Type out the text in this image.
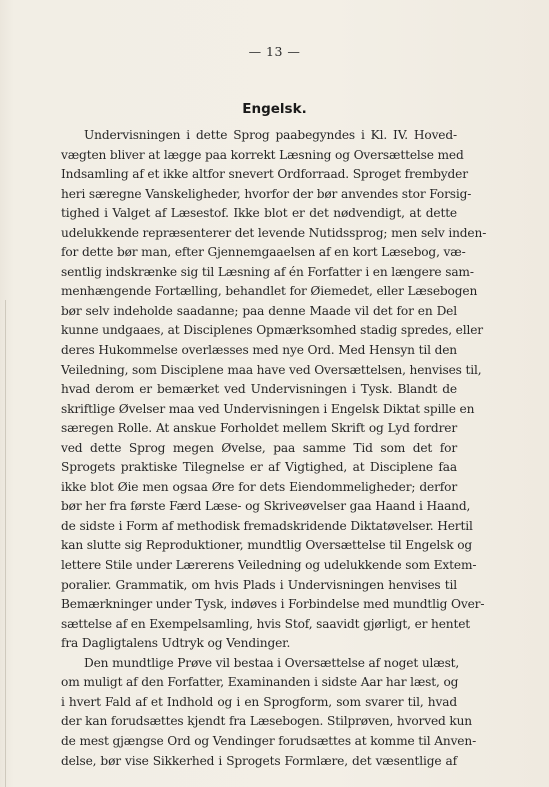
— 13 —
Engelsk.
Undervisningen i dette Sprog paabegyndes i Kl. IV. Hoved-
vægten bliver at lægge paa korrekt Læsning og Oversættelse med
Indsamling af et ikke altfor snevert Ordforraad. Sproget frembyder
heri særegne Vanskeligheder, hvorfor der bør anvendes stor Forsig-
tighed i Valget af Læsestof. Ikke blot er det nødvendigt, at dette
udelukkende repræsenterer det levende Nutidssprog; men selv inden-
for dette bør man, efter Gjennemgaaelsen af en kort Læsebog, væ-
sentlig indskrænke sig til Læsning af én Forfatter i en længere sam-
menhængende Fortælling, behandlet for Øiemedet, eller Læsebogen
bør selv indeholde saadanne; paa denne Maade vil det for en Del
kunne undgaaes, at Disciplenes Opmærksomhed stadig spredes, eller
deres Hukommelse overlæsses med nye Ord. Med Hensyn til den
Veiledning, som Disciplene maa have ved Oversættelsen, henvises til,
hvad derom er bemærket ved Undervisningen i Tysk. Blandt de
skriftlige Øvelser maa ved Undervisningen i Engelsk Diktat spille en
særegen Rolle. At anskue Forholdet mellem Skrift og Lyd fordrer
ved dette Sprog megen Øvelse, paa samme Tid som det for
Sprogets praktiske Tilegnelse er af Vigtighed, at Disciplene faa
ikke blot Øie men ogsaa Øre for dets Eiendommeligheder; derfor
bør her fra første Færd Læse- og Skriveøvelser gaa Haand i Haand,
de sidste i Form af methodisk fremadskridende Diktatøvelser. Hertil
kan slutte sig Reproduktioner, mundtlig Oversættelse til Engelsk og
lettere Stile under Lærerens Veiledning og udelukkende som Extem-
poralier. Grammatik, om hvis Plads i Undervisningen henvises til
Bemærkninger under Tysk, indøves i Forbindelse med mundtlig Over-
sættelse af en Exempelsamling, hvis Stof, saavidt gjørligt, er hentet
fra Dagligtalens Udtryk og Vendinger.
Den mundtlige Prøve vil bestaa i Oversættelse af noget ulæst,
om muligt af den Forfatter, Examinanden i sidste Aar har læst, og
i hvert Fald af et Indhold og i en Sprogform, som svarer til, hvad
der kan forudsættes kjendt fra Læsebogen. Stilprøven, hvorved kun
de mest gjængse Ord og Vendinger forudsættes at komme til Anven-
delse, bør vise Sikkerhed i Sprogets Formlære, det væsentlige af
